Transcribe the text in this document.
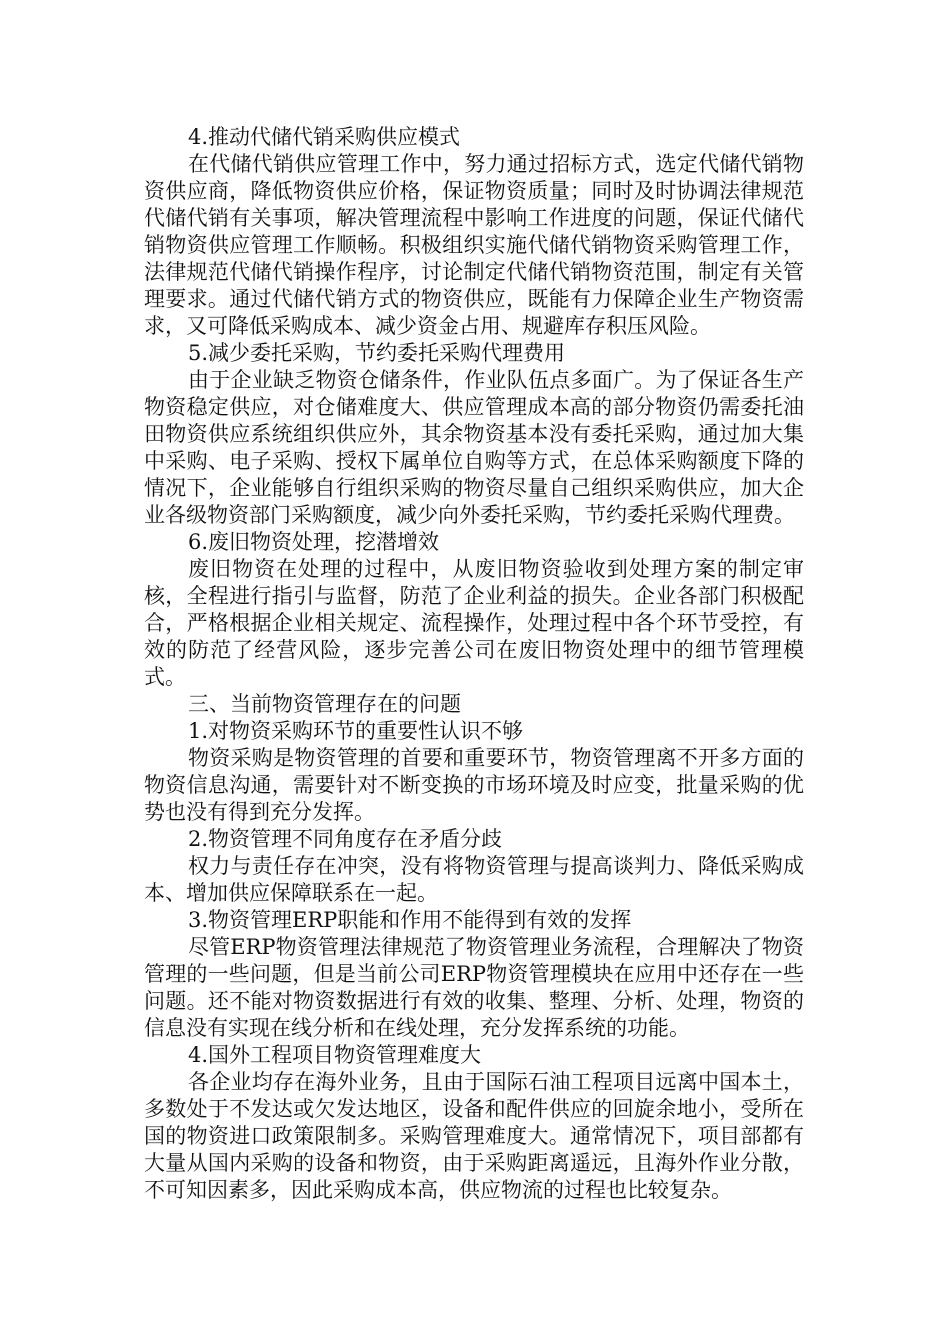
4.推动代储代销采购供应模式

在代储代销供应管理工作中，努力通过招标方式，选定代储代销物资供应商，降低物资供应价格，保证物资质量；同时及时协调法律规范代储代销有关事项，解决管理流程中影响工作进度的问题，保证代储代销物资供应管理工作顺畅。积极组织实施代储代销物资采购管理工作，法律规范代储代销操作程序，讨论制定代储代销物资范围，制定有关管理要求。通过代储代销方式的物资供应，既能有力保障企业生产物资需求，又可降低采购成本、减少资金占用、规避库存积压风险。

5.减少委托采购，节约委托采购代理费用

由于企业缺乏物资仓储条件，作业队伍点多面广。为了保证各生产物资稳定供应，对仓储难度大、供应管理成本高的部分物资仍需委托油田物资供应系统组织供应外，其余物资基本没有委托采购，通过加大集中采购、电子采购、授权下属单位自购等方式，在总体采购额度下降的情况下，企业能够自行组织采购的物资尽量自己组织采购供应，加大企业各级物资部门采购额度，减少向外委托采购，节约委托采购代理费。

6.废旧物资处理，挖潜增效

废旧物资在处理的过程中，从废旧物资验收到处理方案的制定审核，全程进行指引与监督，防范了企业利益的损失。企业各部门积极配合，严格根据企业相关规定、流程操作，处理过程中各个环节受控，有效的防范了经营风险，逐步完善公司在废旧物资处理中的细节管理模式。

三、当前物资管理存在的问题

1.对物资采购环节的重要性认识不够

物资采购是物资管理的首要和重要环节，物资管理离不开多方面的物资信息沟通，需要针对不断变换的市场环境及时应变，批量采购的优势也没有得到充分发挥。

2.物资管理不同角度存在矛盾分歧

权力与责任存在冲突，没有将物资管理与提高谈判力、降低采购成本、增加供应保障联系在一起。

3.物资管理ERP职能和作用不能得到有效的发挥

尽管ERP物资管理法律规范了物资管理业务流程，合理解决了物资管理的一些问题，但是当前公司ERP物资管理模块在应用中还存在一些问题。还不能对物资数据进行有效的收集、整理、分析、处理，物资的信息没有实现在线分析和在线处理，充分发挥系统的功能。

4.国外工程项目物资管理难度大

各企业均存在海外业务，且由于国际石油工程项目远离中国本土，多数处于不发达或欠发达地区，设备和配件供应的回旋余地小，受所在国的物资进口政策限制多。采购管理难度大。通常情况下，项目部都有大量从国内采购的设备和物资，由于采购距离遥远，且海外作业分散，不可知因素多，因此采购成本高，供应物流的过程也比较复杂。
